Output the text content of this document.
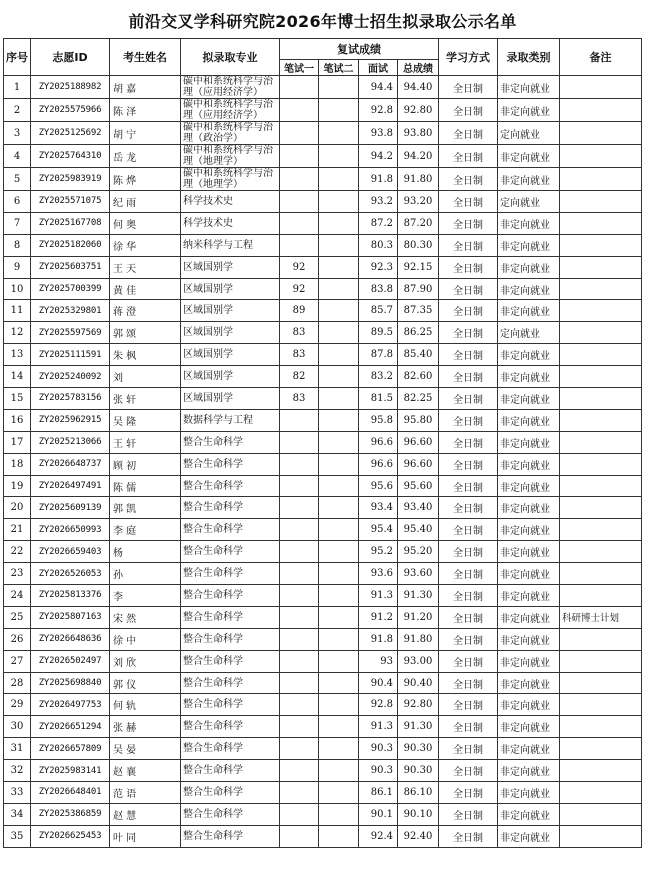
前沿交叉学科研究院2026年博士招生拟录取公示名单
序号	志愿ID	考生姓名	拟录取专业	复试成绩				学习方式	录取类别	备注
				笔试一	笔试二	面试	总成绩			
1	ZY2025188982	胡 嘉	碳中和系统科学与治理（应用经济学）			94.4	94.40	全日制	非定向就业	
2	ZY2025575966	陈 泽	碳中和系统科学与治理（应用经济学）			92.8	92.80	全日制	非定向就业	
3	ZY2025125692	胡 宁	碳中和系统科学与治理（政治学）			93.8	93.80	全日制	定向就业	
4	ZY2025764310	岳 龙	碳中和系统科学与治理（地理学）			94.2	94.20	全日制	非定向就业	
5	ZY2025983919	陈 烨	碳中和系统科学与治理（地理学）			91.8	91.80	全日制	非定向就业	
6	ZY2025571075	纪 雨	科学技术史			93.2	93.20	全日制	定向就业	
7	ZY2025167708	何 奥	科学技术史			87.2	87.20	全日制	非定向就业	
8	ZY2025182060	徐 华	纳米科学与工程			80.3	80.30	全日制	非定向就业	
9	ZY2025603751	王 天	区域国别学	92		92.3	92.15	全日制	非定向就业	
10	ZY2025700399	黄 佳	区域国别学	92		83.8	87.90	全日制	非定向就业	
11	ZY2025329801	蒋 澄	区域国别学	89		85.7	87.35	全日制	非定向就业	
12	ZY2025597569	郭 颂	区域国别学	83		89.5	86.25	全日制	定向就业	
13	ZY2025111591	朱 枫	区域国别学	83		87.8	85.40	全日制	非定向就业	
14	ZY2025240092	刘	区域国别学	82		83.2	82.60	全日制	非定向就业	
15	ZY2025783156	张 轩	区域国别学	83		81.5	82.25	全日制	非定向就业	
16	ZY2025962915	吴 隆	数据科学与工程			95.8	95.80	全日制	非定向就业	
17	ZY2025213066	王 轩	整合生命科学			96.6	96.60	全日制	非定向就业	
18	ZY2026648737	顾 初	整合生命科学			96.6	96.60	全日制	非定向就业	
19	ZY2026497491	陈 儒	整合生命科学			95.6	95.60	全日制	非定向就业	
20	ZY2025609139	郭 凯	整合生命科学			93.4	93.40	全日制	非定向就业	
21	ZY2026650993	李 庭	整合生命科学			95.4	95.40	全日制	非定向就业	
22	ZY2026659403	杨	整合生命科学			95.2	95.20	全日制	非定向就业	
23	ZY2026526053	孙	整合生命科学			93.6	93.60	全日制	非定向就业	
24	ZY2025813376	李	整合生命科学			91.3	91.30	全日制	非定向就业	
25	ZY2025807163	宋 然	整合生命科学			91.2	91.20	全日制	非定向就业	科研博士计划
26	ZY2026648636	徐 中	整合生命科学			91.8	91.80	全日制	非定向就业	
27	ZY2026502497	刘 欣	整合生命科学			93	93.00	全日制	非定向就业	
28	ZY2025698840	郭 仪	整合生命科学			90.4	90.40	全日制	非定向就业	
29	ZY2026497753	何 轨	整合生命科学			92.8	92.80	全日制	非定向就业	
30	ZY2026651294	张 赫	整合生命科学			91.3	91.30	全日制	非定向就业	
31	ZY2026657809	吴 晏	整合生命科学			90.3	90.30	全日制	非定向就业	
32	ZY2025983141	赵 襄	整合生命科学			90.3	90.30	全日制	非定向就业	
33	ZY2026648401	范 语	整合生命科学			86.1	86.10	全日制	非定向就业	
34	ZY2025386859	赵 慧	整合生命科学			90.1	90.10	全日制	非定向就业	
35	ZY2026625453	叶 同	整合生命科学			92.4	92.40	全日制	非定向就业	
